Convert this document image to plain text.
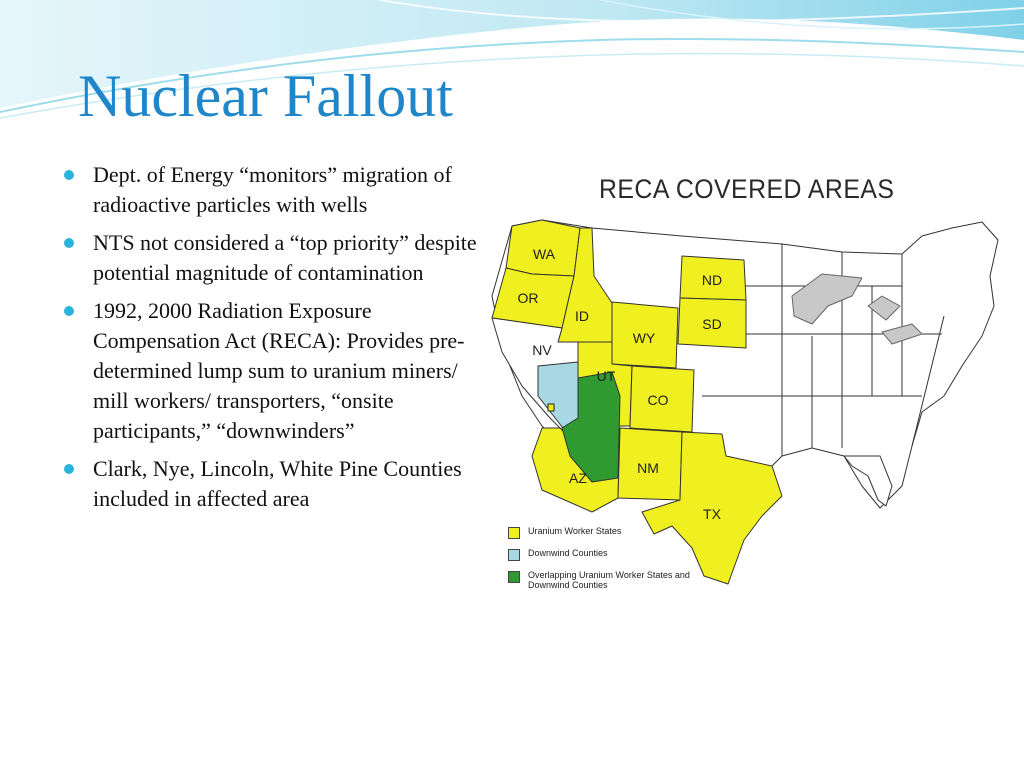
Nuclear Fallout
Dept. of Energy “monitors” migration of radioactive particles with wells
NTS not considered a “top priority” despite potential magnitude of contamination
1992, 2000 Radiation Exposure Compensation Act (RECA): Provides pre-determined lump sum to uranium miners/ mill workers/ transporters, “onsite participants,” “downwinders”
Clark, Nye, Lincoln, White Pine Counties included in affected area
RECA COVERED AREAS
WA
OR
ID
NV
UT
WY
CO
AZ
NM
ND
SD
TX
Uranium Worker States
Downwind Counties
Overlapping Uranium Worker States and Downwind Counties
